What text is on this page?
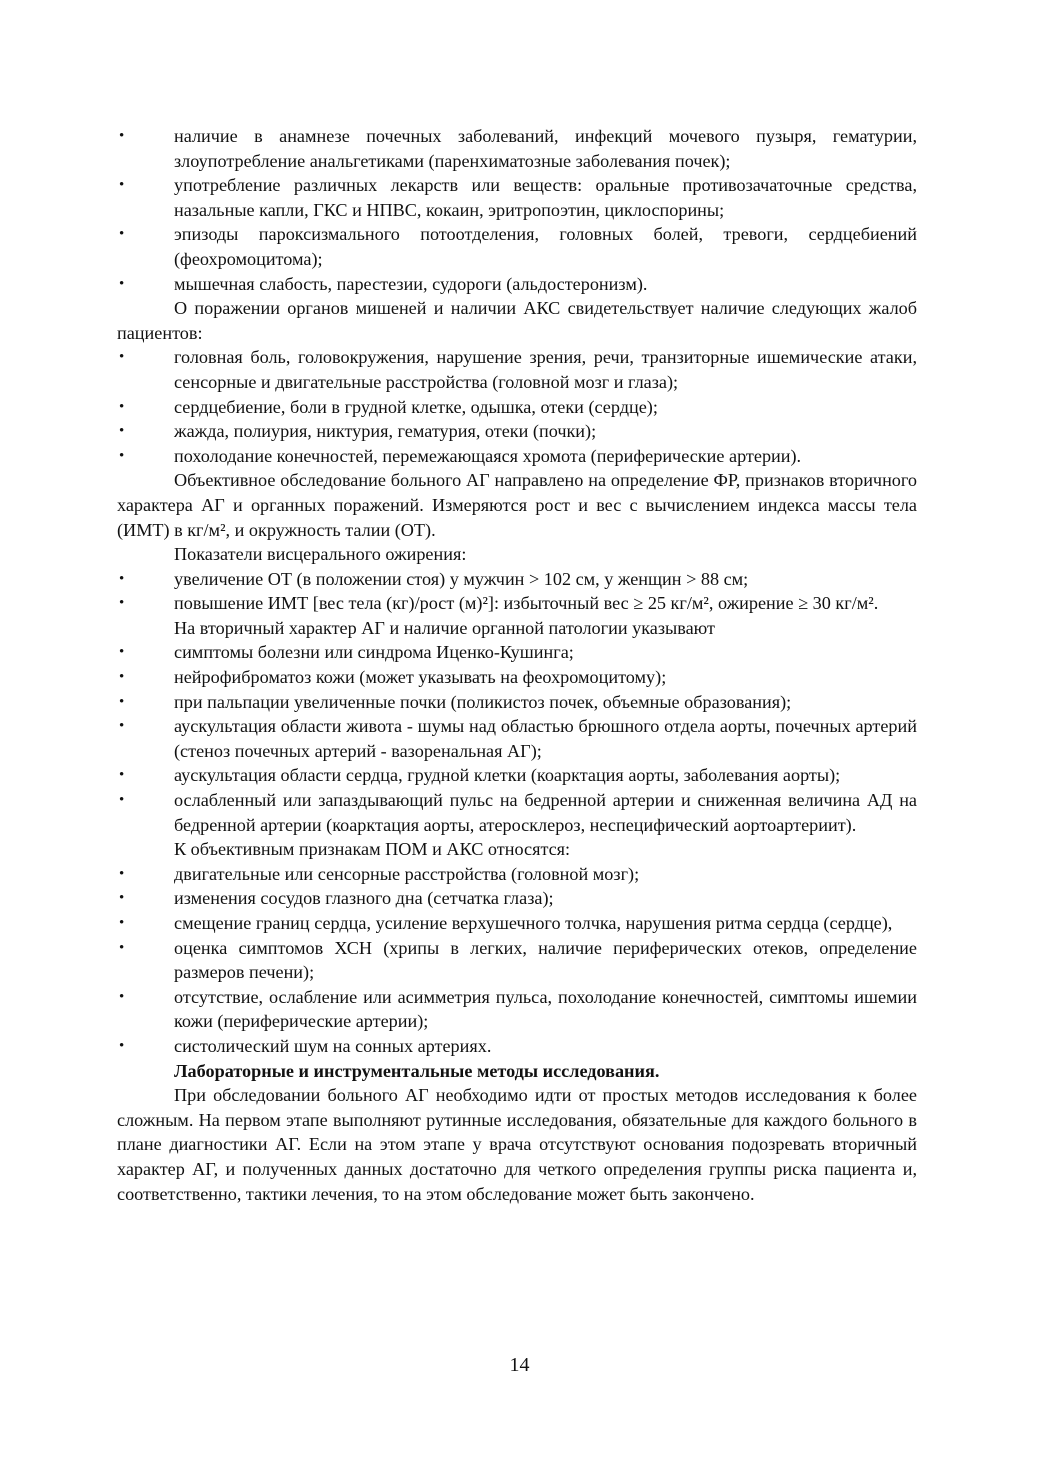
•	наличие в анамнезе почечных заболеваний, инфекций мочевого пузыря, гематурии, злоупотребление анальгетиками (паренхиматозные заболевания почек);
•	употребление различных лекарств или веществ: оральные противозачаточные средства, назальные капли, ГКС и НПВС, кокаин, эритропоэтин, циклоспорины;
•	эпизоды пароксизмального потоотделения, головных болей, тревоги, сердцебиений (феохромоцитома);
•	мышечная слабость, парестезии, судороги (альдостеронизм).
О поражении органов мишеней и наличии АКС свидетельствует наличие следующих жалоб пациентов:
•	головная боль, головокружения, нарушение зрения, речи, транзиторные ишемические атаки, сенсорные и двигательные расстройства (головной мозг и глаза);
•	сердцебиение, боли в грудной клетке, одышка, отеки (сердце);
•	жажда, полиурия, никтурия, гематурия, отеки (почки);
•	похолодание конечностей, перемежающаяся хромота (периферические артерии).
Объективное обследование больного АГ направлено на определение ФР, признаков вторичного характера АГ и органных поражений. Измеряются рост и вес с вычислением индекса массы тела (ИМТ) в кг/м², и окружность талии (ОТ).
Показатели висцерального ожирения:
•	увеличение ОТ (в положении стоя) у мужчин > 102 см, у женщин > 88 см;
•	повышение ИМТ [вес тела (кг)/рост (м)²]: избыточный вес ≥ 25 кг/м², ожирение ≥ 30 кг/м².
На вторичный характер АГ и наличие органной патологии указывают
•	симптомы болезни или синдрома Иценко-Кушинга;
•	нейрофиброматоз кожи (может указывать на феохромоцитому);
•	при пальпации увеличенные почки (поликистоз почек, объемные образования);
•	аускультация области живота - шумы над областью брюшного отдела аорты, почечных артерий (стеноз почечных артерий - вазоренальная АГ);
•	аускультация области сердца, грудной клетки (коарктация аорты, заболевания аорты);
•	ослабленный или запаздывающий пульс на бедренной артерии и сниженная величина АД на бедренной артерии (коарктация аорты, атеросклероз, неспецифический аортоартериит).
К объективным признакам ПОМ и АКС относятся:
•	двигательные или сенсорные расстройства (головной мозг);
•	изменения сосудов глазного дна (сетчатка глаза);
•	смещение границ сердца, усиление верхушечного толчка, нарушения ритма сердца (сердце),
•	оценка симптомов ХСН (хрипы в легких, наличие периферических отеков, определение размеров печени);
•	отсутствие, ослабление или асимметрия пульса, похолодание конечностей, симптомы ишемии кожи (периферические артерии);
•	систолический шум на сонных артериях.
Лабораторные и инструментальные методы исследования.
При обследовании больного АГ необходимо идти от простых методов исследования к более сложным. На первом этапе выполняют рутинные исследования, обязательные для каждого больного в плане диагностики АГ. Если на этом этапе у врача отсутствуют основания подозревать вторичный характер АГ, и полученных данных достаточно для четкого определения группы риска пациента и, соответственно, тактики лечения, то на этом обследование может быть закончено.
14
